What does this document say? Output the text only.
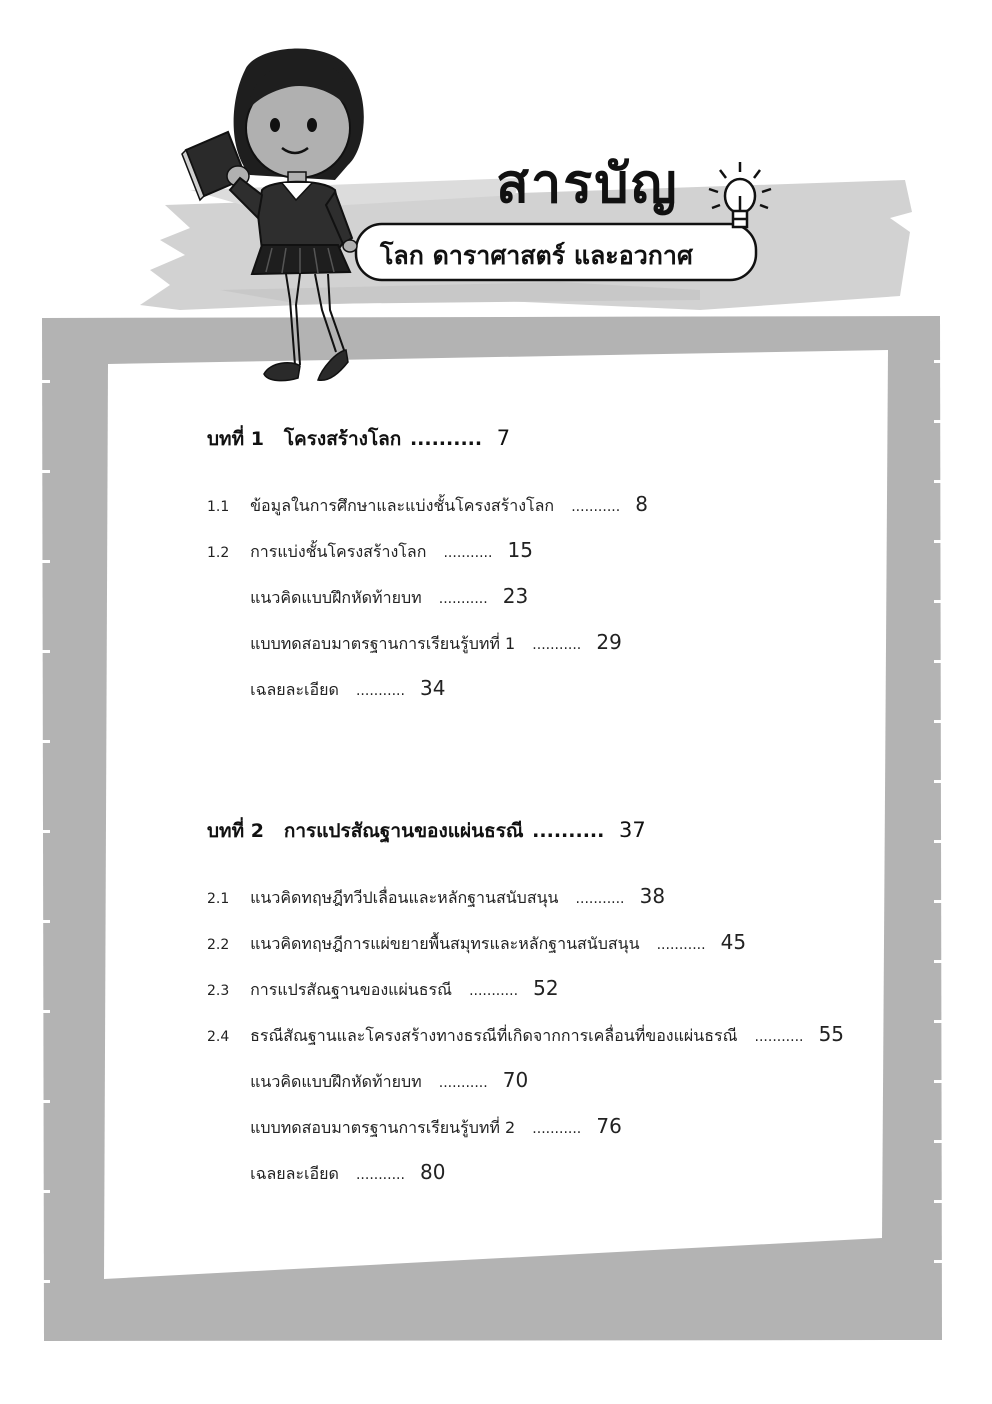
สารบัญ
โลก ดาราศาสตร์ และอวกาศ
บทที่ 1 โครงสร้างโลก .......... 7
1.1 ข้อมูลในการศึกษาและแบ่งชั้นโครงสร้างโลก ........... 8
1.2 การแบ่งชั้นโครงสร้างโลก ........... 15
แนวคิดแบบฝึกหัดท้ายบท ........... 23
แบบทดสอบมาตรฐานการเรียนรู้บทที่ 1 ........... 29
เฉลยละเอียด ........... 34
บทที่ 2 การแปรสัณฐานของแผ่นธรณี .......... 37
2.1 แนวคิดทฤษฎีทวีปเลื่อนและหลักฐานสนับสนุน ........... 38
2.2 แนวคิดทฤษฎีการแผ่ขยายพื้นสมุทรและหลักฐานสนับสนุน ........... 45
2.3 การแปรสัณฐานของแผ่นธรณี ........... 52
2.4 ธรณีสัณฐานและโครงสร้างทางธรณีที่เกิดจากการเคลื่อนที่ของแผ่นธรณี ........... 55
แนวคิดแบบฝึกหัดท้ายบท ........... 70
แบบทดสอบมาตรฐานการเรียนรู้บทที่ 2 ........... 76
เฉลยละเอียด ........... 80
